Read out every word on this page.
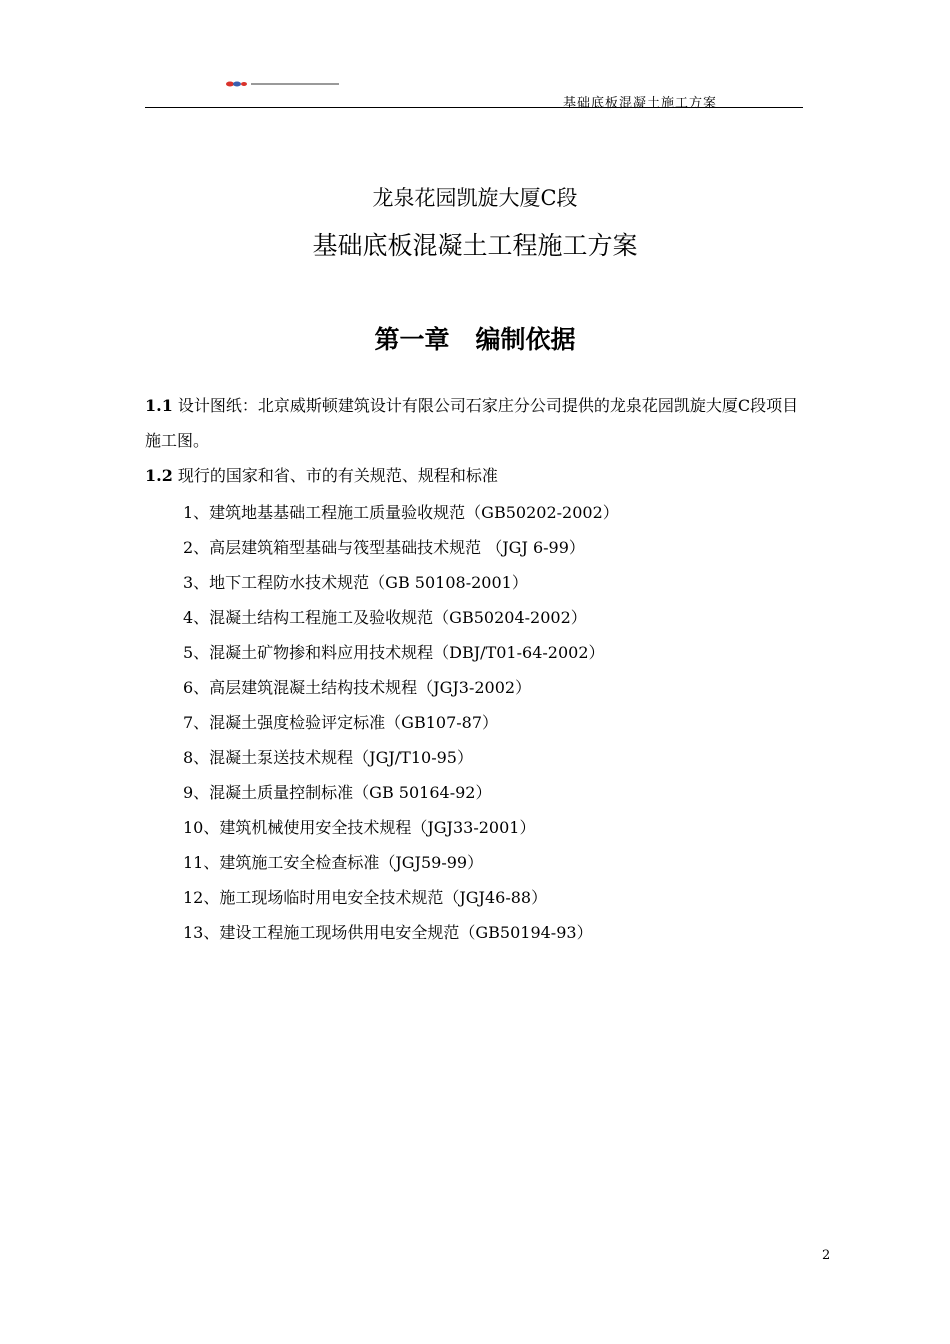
基础底板混凝土施工方案
龙泉花园凯旋大厦C段
基础底板混凝土工程施工方案
第一章   编制依据
1.1 设计图纸：北京威斯顿建筑设计有限公司石家庄分公司提供的龙泉花园凯旋大厦C段项目施工图。
1.2 现行的国家和省、市的有关规范、规程和标准
1、建筑地基基础工程施工质量验收规范（GB50202-2002）
2、高层建筑箱型基础与筏型基础技术规范 （JGJ 6-99）
3、地下工程防水技术规范（GB 50108-2001）
4、混凝土结构工程施工及验收规范（GB50204-2002）
5、混凝土矿物掺和料应用技术规程（DBJ/T01-64-2002）
6、高层建筑混凝土结构技术规程（JGJ3-2002）
7、混凝土强度检验评定标准（GB107-87）
8、混凝土泵送技术规程（JGJ/T10-95）
9、混凝土质量控制标准（GB 50164-92）
10、建筑机械使用安全技术规程（JGJ33-2001）
11、建筑施工安全检查标准（JGJ59-99）
12、施工现场临时用电安全技术规范（JGJ46-88）
13、建设工程施工现场供用电安全规范（GB50194-93）
2
